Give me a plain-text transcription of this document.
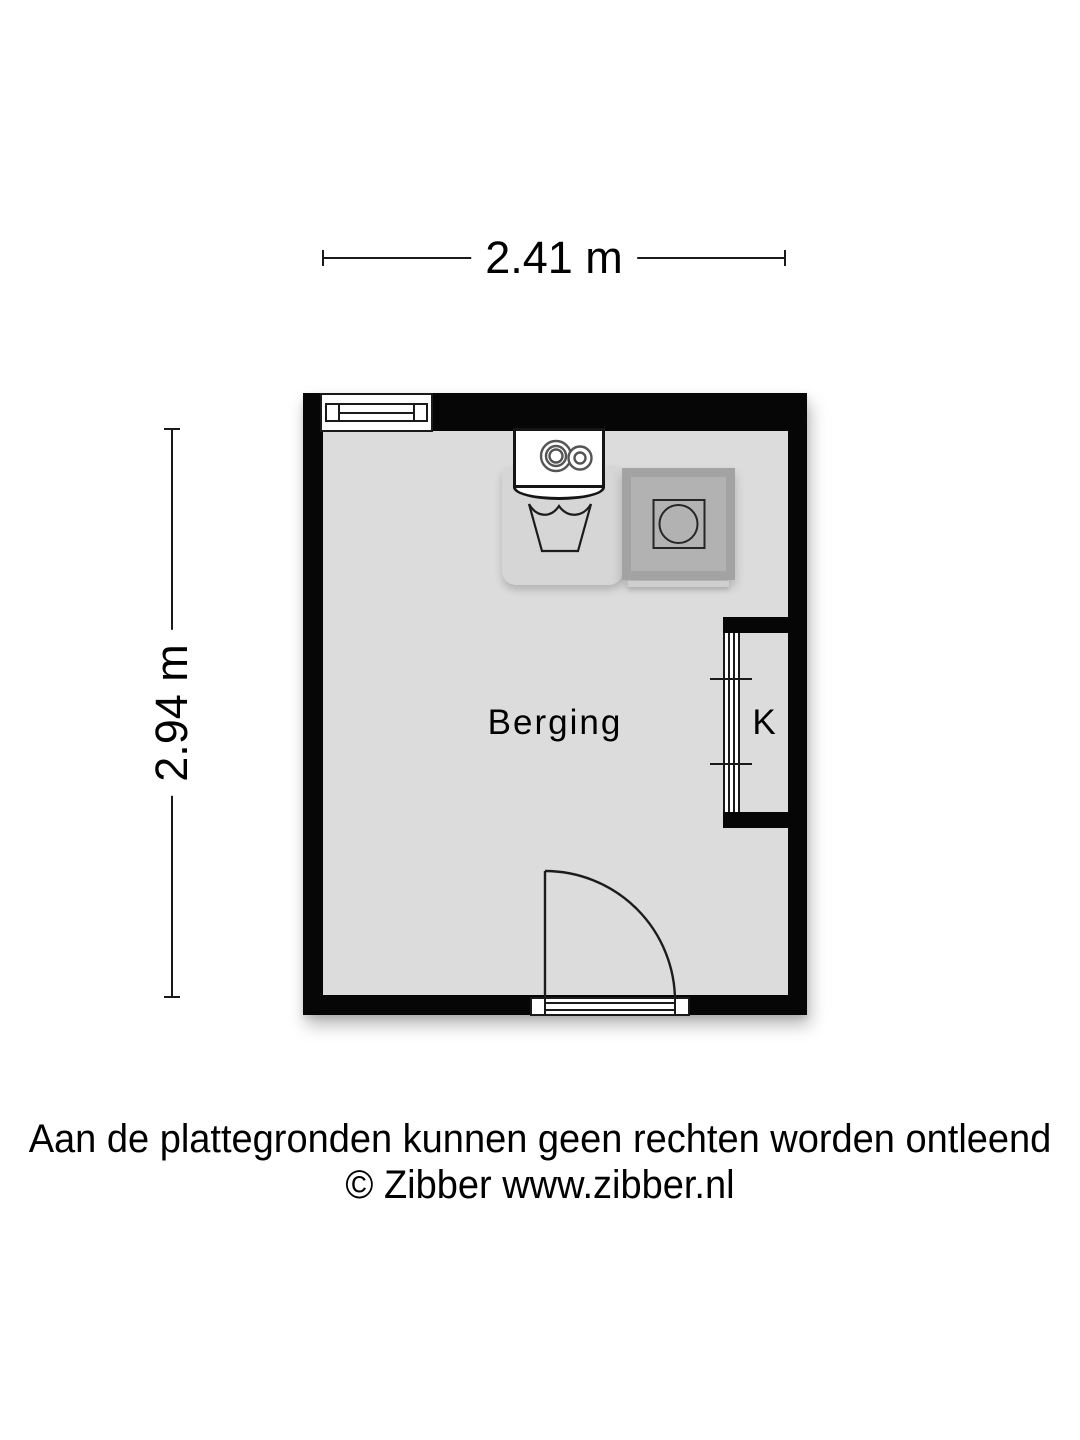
2.41 m
2.94 m	K
Berging
Aan de plattegronden kunnen geen rechten worden ontleend
© Zibber www.zibber.nl
